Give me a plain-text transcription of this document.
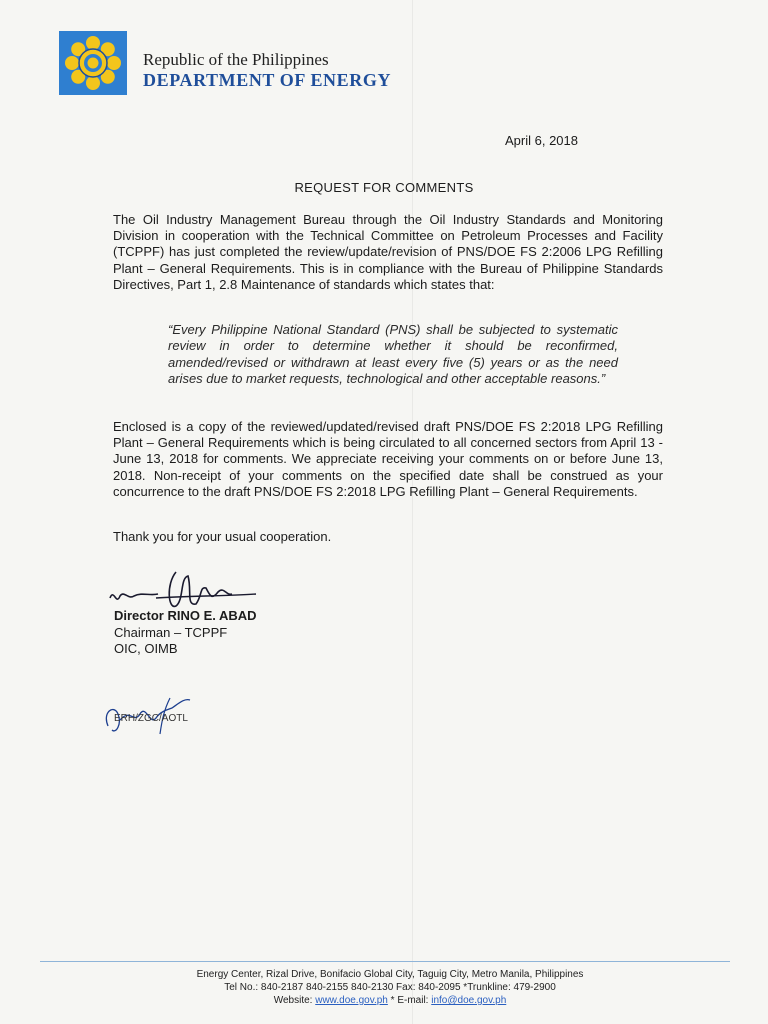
Republic of the Philippines
DEPARTMENT OF ENERGY
April 6, 2018
REQUEST FOR COMMENTS
The Oil Industry Management Bureau through the Oil Industry Standards and Monitoring Division in cooperation with the Technical Committee on Petroleum Processes and Facility (TCPPF) has just completed the review/update/revision of PNS/DOE FS 2:2006 LPG Refilling Plant – General Requirements. This is in compliance with the Bureau of Philippine Standards Directives, Part 1, 2.8 Maintenance of standards which states that:
“Every Philippine National Standard (PNS) shall be subjected to systematic review in order to determine whether it should be reconfirmed, amended/revised or withdrawn at least every five (5) years or as the need arises due to market requests, technological and other acceptable reasons.”
Enclosed is a copy of the reviewed/updated/revised draft PNS/DOE FS 2:2018 LPG Refilling Plant – General Requirements which is being circulated to all concerned sectors from April 13 - June 13, 2018 for comments. We appreciate receiving your comments on or before June 13, 2018. Non-receipt of your comments on the specified date shall be construed as your concurrence to the draft PNS/DOE FS 2:2018 LPG Refilling Plant – General Requirements.
Thank you for your usual cooperation.
Director RINO E. ABAD
Chairman – TCPPF
OIC, OIMB
ERH/ZGC/AOTL
Energy Center, Rizal Drive, Bonifacio Global City, Taguig City, Metro Manila, Philippines
Tel No.: 840-2187 840-2155 840-2130 Fax: 840-2095 *Trunkline: 479-2900
Website: www.doe.gov.ph * E-mail: info@doe.gov.ph
